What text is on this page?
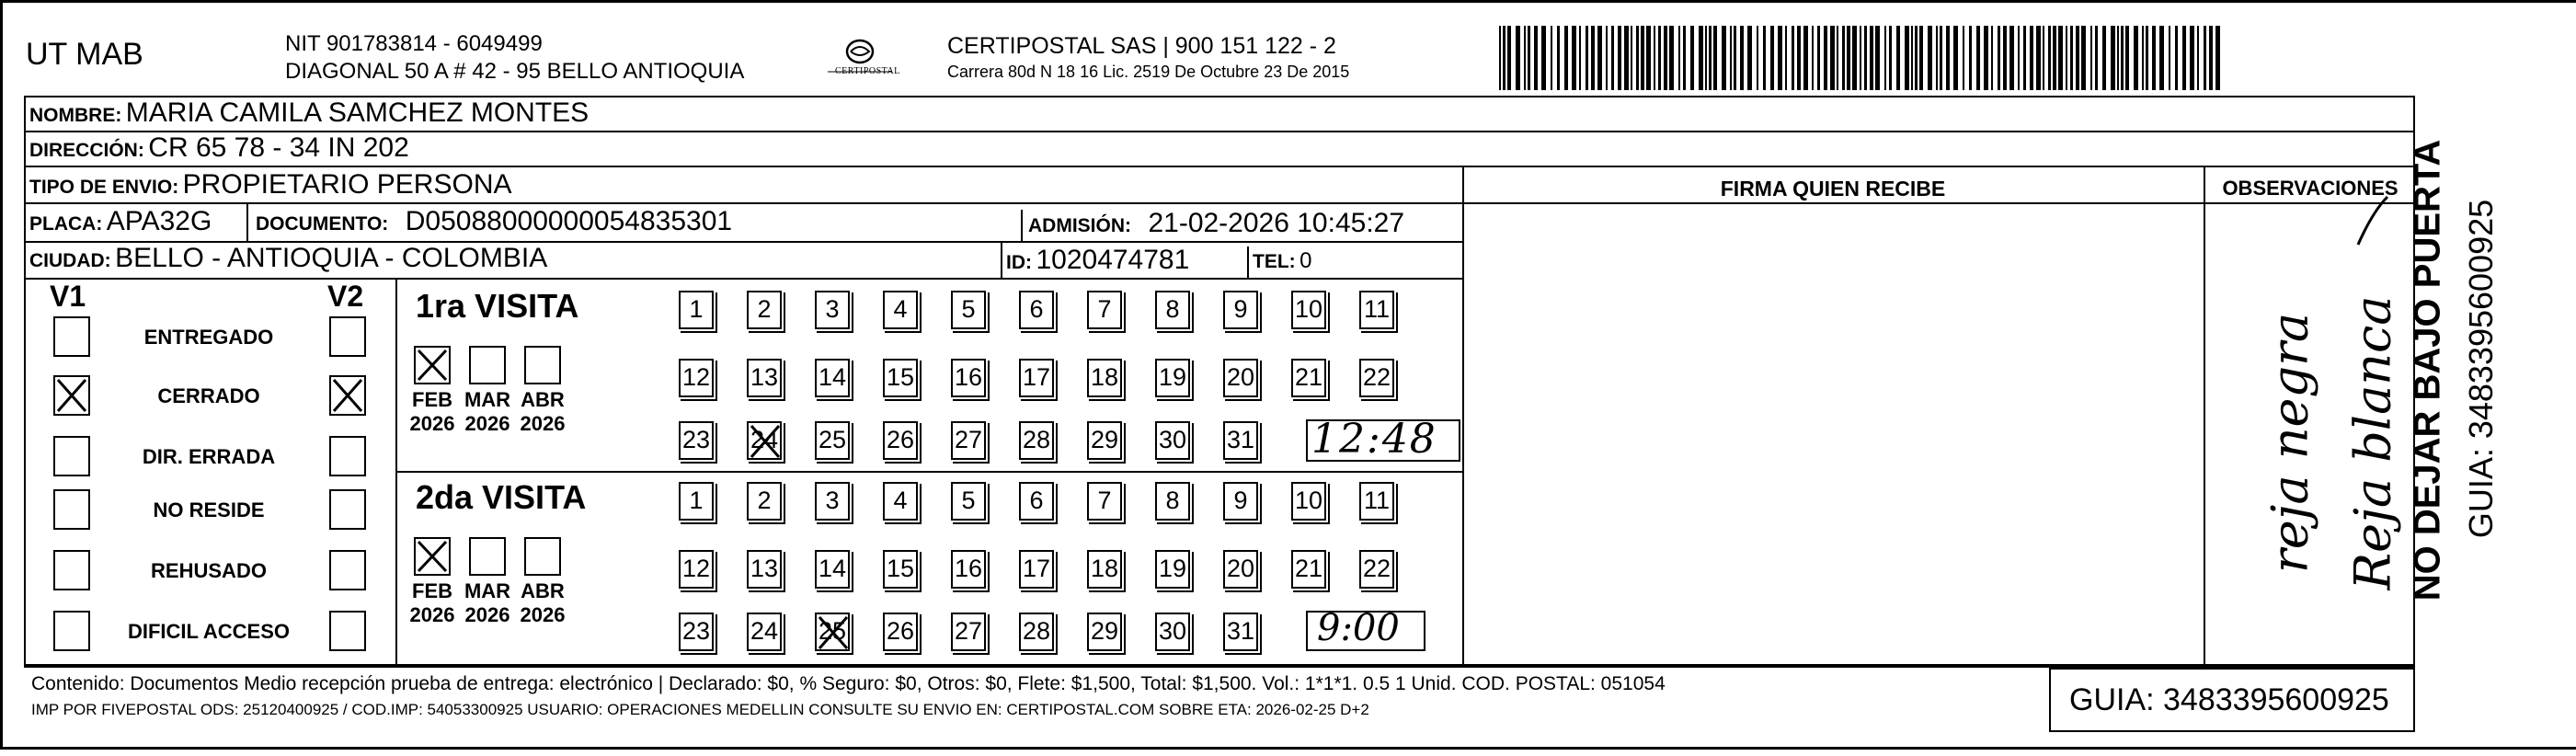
UT MAB	NIT 901783814 - 6049499
DIAGONAL 50 A # 42 - 95 BELLO ANTIOQUIA	CERTIPOSTAL
CERTIPOSTAL SAS | 900 151 122 - 2
Carrera 80d N 18 16 Lic. 2519 De Octubre 23 De 2015
NOMBRE: MARIA CAMILA SAMCHEZ MONTES
DIRECCIÓN: CR 65 78 - 34 IN 202
TIPO DE ENVIO: PROPIETARIO PERSONA
PLACA: APA32G DOCUMENTO: D05088000000054835301	ADMISIÓN: 21-02-2026 10:45:27
CIUDAD: BELLO - ANTIOQUIA - COLOMBIA	ID: 1020474781	TEL: 0
FIRMA QUIEN RECIBE	OBSERVACIONES
reja negra Reja blanca
V1	V2
ENTREGADO
CERRADO
DIR. ERRADA
NO RESIDE
REHUSADO
DIFICIL ACCESO
1ra VISITA
FEB
2026
MAR
2026
ABR
2026
1	2	3	4	5	6	7	8	9	10 11
12 13 14 15 16 17 18 19 20 21 22
23 24 25 26 27 28 29 30 31 12:48
2da VISITA
FEB
2026
MAR
2026
ABR
2026
1	2	3	4	5	6	7	8	9	10 11
12 13 14 15 16 17 18 19 20 21 22
23 24 25 26 27 28 29 30 31 9:00
Contenido: Documentos Medio recepción prueba de entrega: electrónico | Declarado: $0, % Seguro: $0, Otros: $0, Flete: $1,500, Total: $1,500. Vol.: 1*1*1. 0.5 1 Unid. COD. POSTAL: 051054
IMP POR FIVEPOSTAL ODS: 25120400925 / COD.IMP: 54053300925 USUARIO: OPERACIONES MEDELLIN CONSULTE SU ENVIO EN: CERTIPOSTAL.COM SOBRE ETA: 2026-02-25 D+2	GUIA: 3483395600925
NO DEJAR BAJO PUERTA GUIA: 3483395600925
